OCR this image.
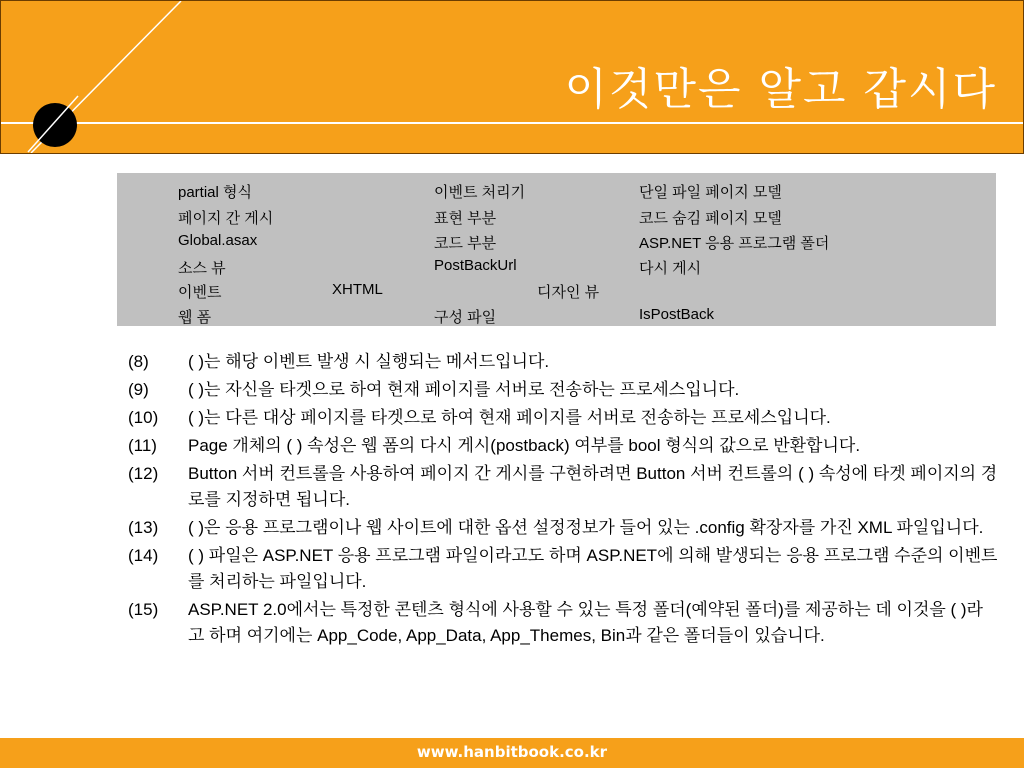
이것만은 알고 갑시다
partial 형식	이벤트 처리기	단일 파일 페이지 모델
페이지 간 게시	표현 부분	코드 숨김 페이지 모델
Global.asax	코드 부분	ASP.NET 응용 프로그램 폴더
소스 뷰	PostBackUrl	다시 게시
이벤트	XHTML	디자인 뷰
웹 폼	구성 파일	IsPostBack
(8) ( )는 해당 이벤트 발생 시 실행되는 메서드입니다.
(9) ( )는 자신을 타겟으로 하여 현재 페이지를 서버로 전송하는 프로세스입니다.
(10) ( )는 다른 대상 페이지를 타겟으로 하여 현재 페이지를 서버로 전송하는 프로세스입니다.
(11) Page 개체의 ( ) 속성은 웹 폼의 다시 게시(postback) 여부를 bool 형식의 값으로 반환합니다.
(12) Button 서버 컨트롤을 사용하여 페이지 간 게시를 구현하려면 Button 서버 컨트롤의 ( ) 속성에 타겟 페이지의 경로를 지정하면 됩니다.
(13) ( )은 응용 프로그램이나 웹 사이트에 대한 옵션 설정정보가 들어 있는 .config 확장자를 가진 XML 파일입니다.
(14) ( ) 파일은 ASP.NET 응용 프로그램 파일이라고도 하며 ASP.NET에 의해 발생되는 응용 프로그램 수준의 이벤트를 처리하는 파일입니다.
(15) ASP.NET 2.0에서는 특정한 콘텐츠 형식에 사용할 수 있는 특정 폴더(예약된 폴더)를 제공하는 데 이것을 ( )라고 하며 여기에는 App_Code, App_Data, App_Themes, Bin과 같은 폴더들이 있습니다.
www.hanbitbook.co.kr
